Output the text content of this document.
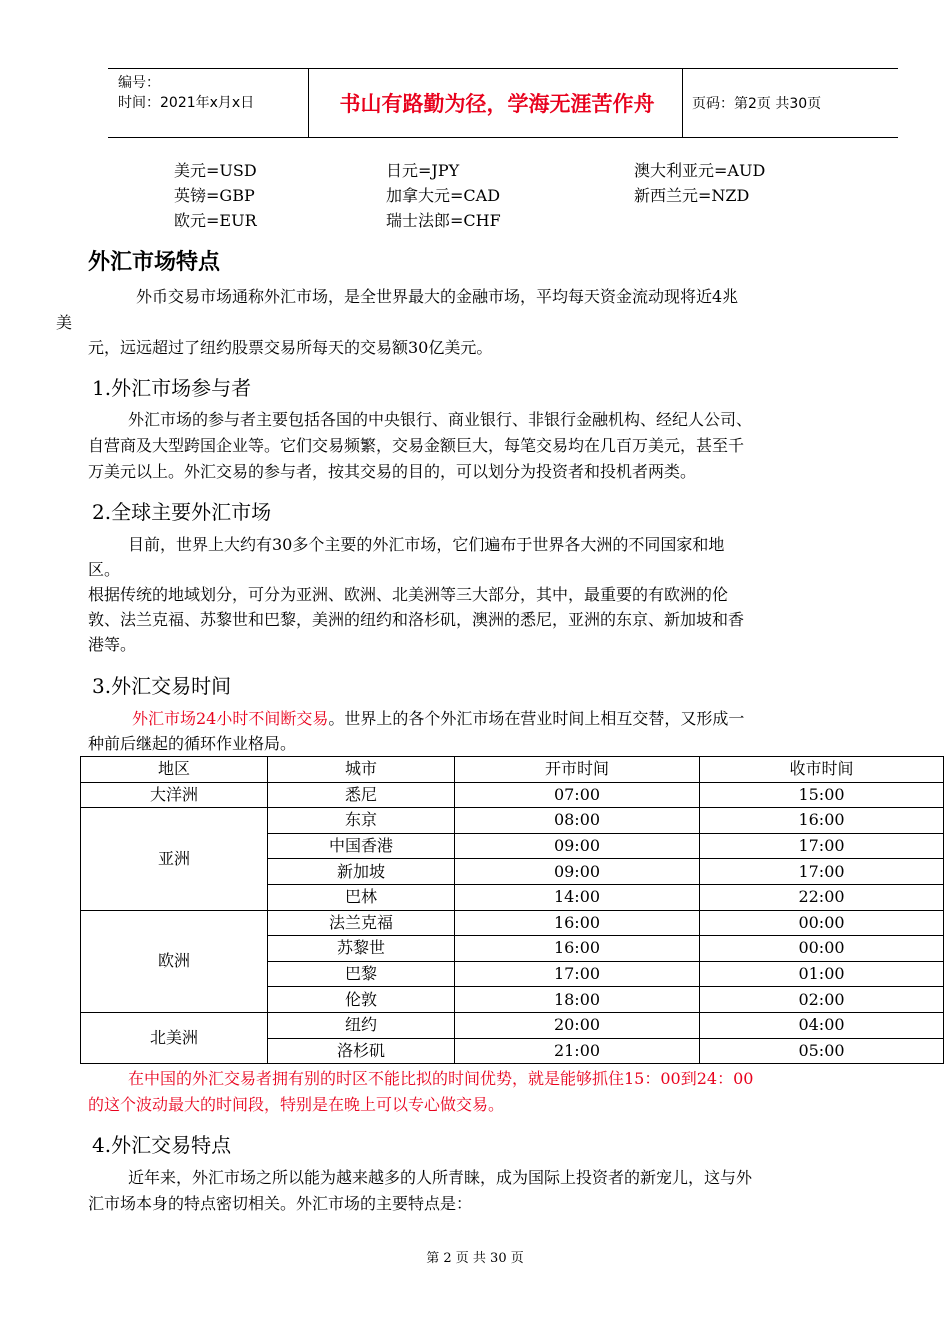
编号：
时间：2021年x月x日	书山有路勤为径，学海无涯苦作舟	页码：第2页 共30页
美元=USD	日元=JPY	澳大利亚元=AUD
英镑=GBP	加拿大元=CAD	新西兰元=NZD
欧元=EUR	瑞士法郎=CHF
外汇市场特点
外币交易市场通称外汇市场，是全世界最大的金融市场，平均每天资金流动现将近4兆
美
元，远远超过了纽约股票交易所每天的交易额30亿美元。
1.外汇市场参与者
外汇市场的参与者主要包括各国的中央银行、商业银行、非银行金融机构、经纪人公司、
自营商及大型跨国企业等。它们交易频繁，交易金额巨大，每笔交易均在几百万美元，甚至千
万美元以上。外汇交易的参与者，按其交易的目的，可以划分为投资者和投机者两类。
2.全球主要外汇市场
目前，世界上大约有30多个主要的外汇市场，它们遍布于世界各大洲的不同国家和地
区。
根据传统的地域划分，可分为亚洲、欧洲、北美洲等三大部分，其中，最重要的有欧洲的伦
敦、法兰克福、苏黎世和巴黎，美洲的纽约和洛杉矶，澳洲的悉尼，亚洲的东京、新加坡和香
港等。
3.外汇交易时间
外汇市场24小时不间断交易。世界上的各个外汇市场在营业时间上相互交替，又形成一
种前后继起的循环作业格局。
地区	城市	开市时间	收市时间
大洋洲	悉尼	07:00	15:00
亚洲	东京	08:00	16:00
	中国香港	09:00	17:00
	新加坡	09:00	17:00
	巴林	14:00	22:00
欧洲	法兰克福	16:00	00:00
	苏黎世	16:00	00:00
	巴黎	17:00	01:00
	伦敦	18:00	02:00
北美洲	纽约	20:00	04:00
	洛杉矶	21:00	05:00
在中国的外汇交易者拥有别的时区不能比拟的时间优势，就是能够抓住15：00到24：00
的这个波动最大的时间段，特别是在晚上可以专心做交易。
4.外汇交易特点
近年来，外汇市场之所以能为越来越多的人所青睐，成为国际上投资者的新宠儿，这与外
汇市场本身的特点密切相关。外汇市场的主要特点是：
第 2 页 共 30 页
